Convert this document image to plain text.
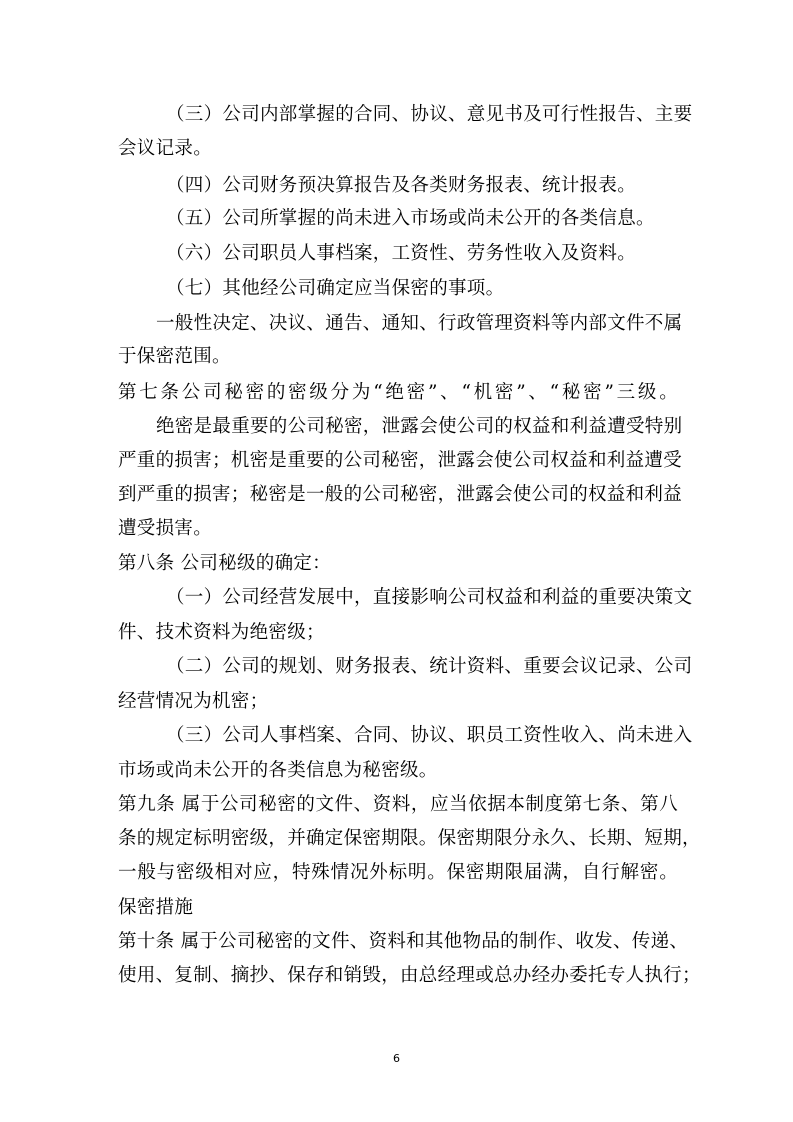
（三）公司内部掌握的合同、协议、意见书及可行性报告、主要
会议记录。
（四）公司财务预决算报告及各类财务报表、统计报表。
（五）公司所掌握的尚未进入市场或尚未公开的各类信息。
（六）公司职员人事档案，工资性、劳务性收入及资料。
（七）其他经公司确定应当保密的事项。
一般性决定、决议、通告、通知、行政管理资料等内部文件不属
于保密范围。
第七条公司秘密的密级分为“绝密”、“机密”、“秘密”三级。
绝密是最重要的公司秘密，泄露会使公司的权益和利益遭受特别
严重的损害；机密是重要的公司秘密，泄露会使公司权益和利益遭受
到严重的损害；秘密是一般的公司秘密，泄露会使公司的权益和利益
遭受损害。
第八条 公司秘级的确定：
（一）公司经营发展中，直接影响公司权益和利益的重要决策文
件、技术资料为绝密级；
（二）公司的规划、财务报表、统计资料、重要会议记录、公司
经营情况为机密；
（三）公司人事档案、合同、协议、职员工资性收入、尚未进入
市场或尚未公开的各类信息为秘密级。
第九条 属于公司秘密的文件、资料，应当依据本制度第七条、第八
条的规定标明密级，并确定保密期限。保密期限分永久、长期、短期，
一般与密级相对应，特殊情况外标明。保密期限届满，自行解密。
保密措施
第十条 属于公司秘密的文件、资料和其他物品的制作、收发、传递、
使用、复制、摘抄、保存和销毁，由总经理或总办经办委托专人执行；
6
